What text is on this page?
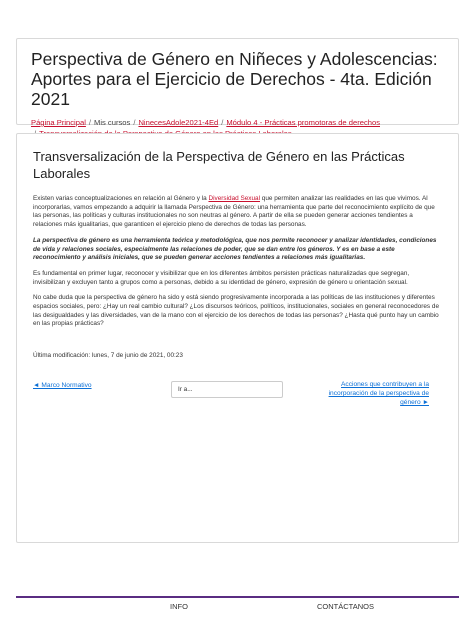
Perspectiva de Género en Niñeces y Adolescencias: Aportes para el Ejercicio de Derechos - 4ta. Edición 2021
Página Principal / Mis cursos / NinecesAdole2021-4Ed / Módulo 4 - Prácticas promotoras de derechos

Transversalización de la Perspectiva de Género en las Prácticas Laborales

Existen varias conceptualizaciones en relación al Género y la Diversidad Sexual que permiten analizar las realidades en las que vivimos. Al incorporarlas, vamos empezando a adquirir la llamada Perspectiva de Género: una herramienta que parte del reconocimiento explícito de que las personas, las políticas y culturas institucionales no son neutras al género. A partir de ella se pueden generar acciones tendientes a relaciones más igualitarias, que garanticen el ejercicio pleno de derechos de todas las personas.

La perspectiva de género es una herramienta teórica y metodológica, que nos permite reconocer y analizar identidades, condiciones de vida y relaciones sociales, especialmente las relaciones de poder, que se dan entre los géneros. Y es en base a este reconocimiento y análisis iniciales, que se pueden generar acciones tendientes a relaciones más igualitarias.

Es fundamental en primer lugar, reconocer y visibilizar que en los diferentes ámbitos persisten prácticas naturalizadas que segregan, invisibilizan y excluyen tanto a grupos como a personas, debido a su identidad de género, expresión de género u orientación sexual.

No cabe duda que la perspectiva de género ha sido y está siendo progresivamente incorporada a las políticas de las instituciones y diferentes espacios sociales, pero: ¿Hay un real cambio cultural? ¿Los discursos teóricos, políticos, institucionales, sociales en general reconocedores de las desigualdades y las diversidades, van de la mano con el ejercicio de los derechos de todas las personas? ¿Hasta qué punto hay un cambio en las propias prácticas?

Última modificación: lunes, 7 de junio de 2021, 00:23
◄ Marco Normativo
Ir a...
Acciones que contribuyen a la incorporación de la perspectiva de género ►
INFO	CONTÁCTANOS
